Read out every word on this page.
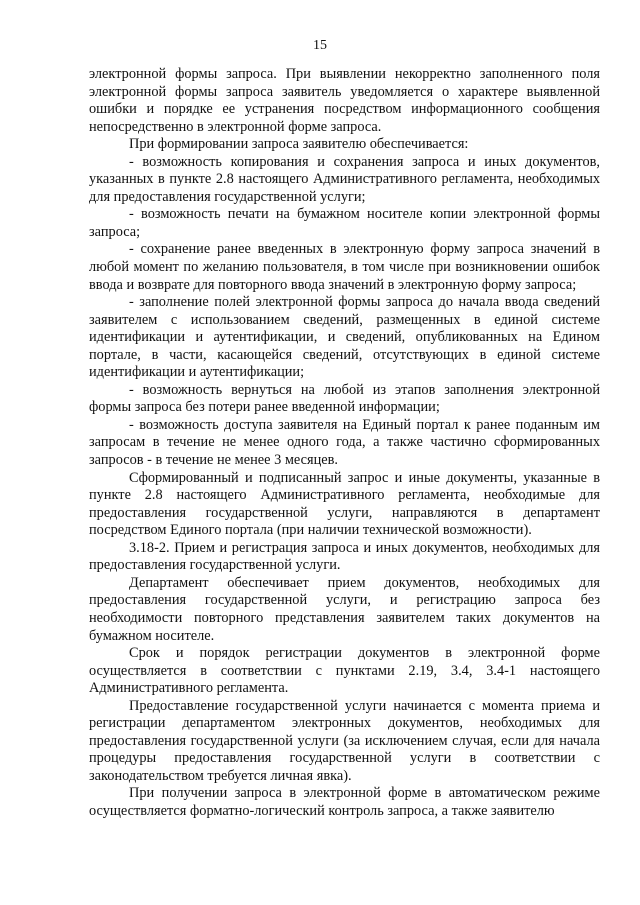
15

электронной формы запроса. При выявлении некорректно заполненного поля электронной формы запроса заявитель уведомляется о характере выявленной ошибки и порядке ее устранения посредством информационного сообщения непосредственно в электронной форме запроса.

При формировании запроса заявителю обеспечивается:

- возможность копирования и сохранения запроса и иных документов, указанных в пункте 2.8 настоящего Административного регламента, необходимых для предоставления государственной услуги;

- возможность печати на бумажном носителе копии электронной формы запроса;

- сохранение ранее введенных в электронную форму запроса значений в любой момент по желанию пользователя, в том числе при возникновении ошибок ввода и возврате для повторного ввода значений в электронную форму запроса;

- заполнение полей электронной формы запроса до начала ввода сведений заявителем с использованием сведений, размещенных в единой системе идентификации и аутентификации, и сведений, опубликованных на Едином портале, в части, касающейся сведений, отсутствующих в единой системе идентификации и аутентификации;

- возможность вернуться на любой из этапов заполнения электронной формы запроса без потери ранее введенной информации;

- возможность доступа заявителя на Единый портал к ранее поданным им запросам в течение не менее одного года, а также частично сформированных запросов - в течение не менее 3 месяцев.

Сформированный и подписанный запрос и иные документы, указанные в пункте 2.8 настоящего Административного регламента, необходимые для предоставления государственной услуги, направляются в департамент посредством Единого портала (при наличии технической возможности).

3.18-2. Прием и регистрация запроса и иных документов, необходимых для предоставления государственной услуги.

Департамент обеспечивает прием документов, необходимых для предоставления государственной услуги, и регистрацию запроса без необходимости повторного представления заявителем таких документов на бумажном носителе.

Срок и порядок регистрации документов в электронной форме осуществляется в соответствии с пунктами 2.19, 3.4, 3.4-1 настоящего Административного регламента.

Предоставление государственной услуги начинается с момента приема и регистрации департаментом электронных документов, необходимых для предоставления государственной услуги (за исключением случая, если для начала процедуры предоставления государственной услуги в соответствии с законодательством требуется личная явка).

При получении запроса в электронной форме в автоматическом режиме осуществляется форматно-логический контроль запроса, а также заявителю
